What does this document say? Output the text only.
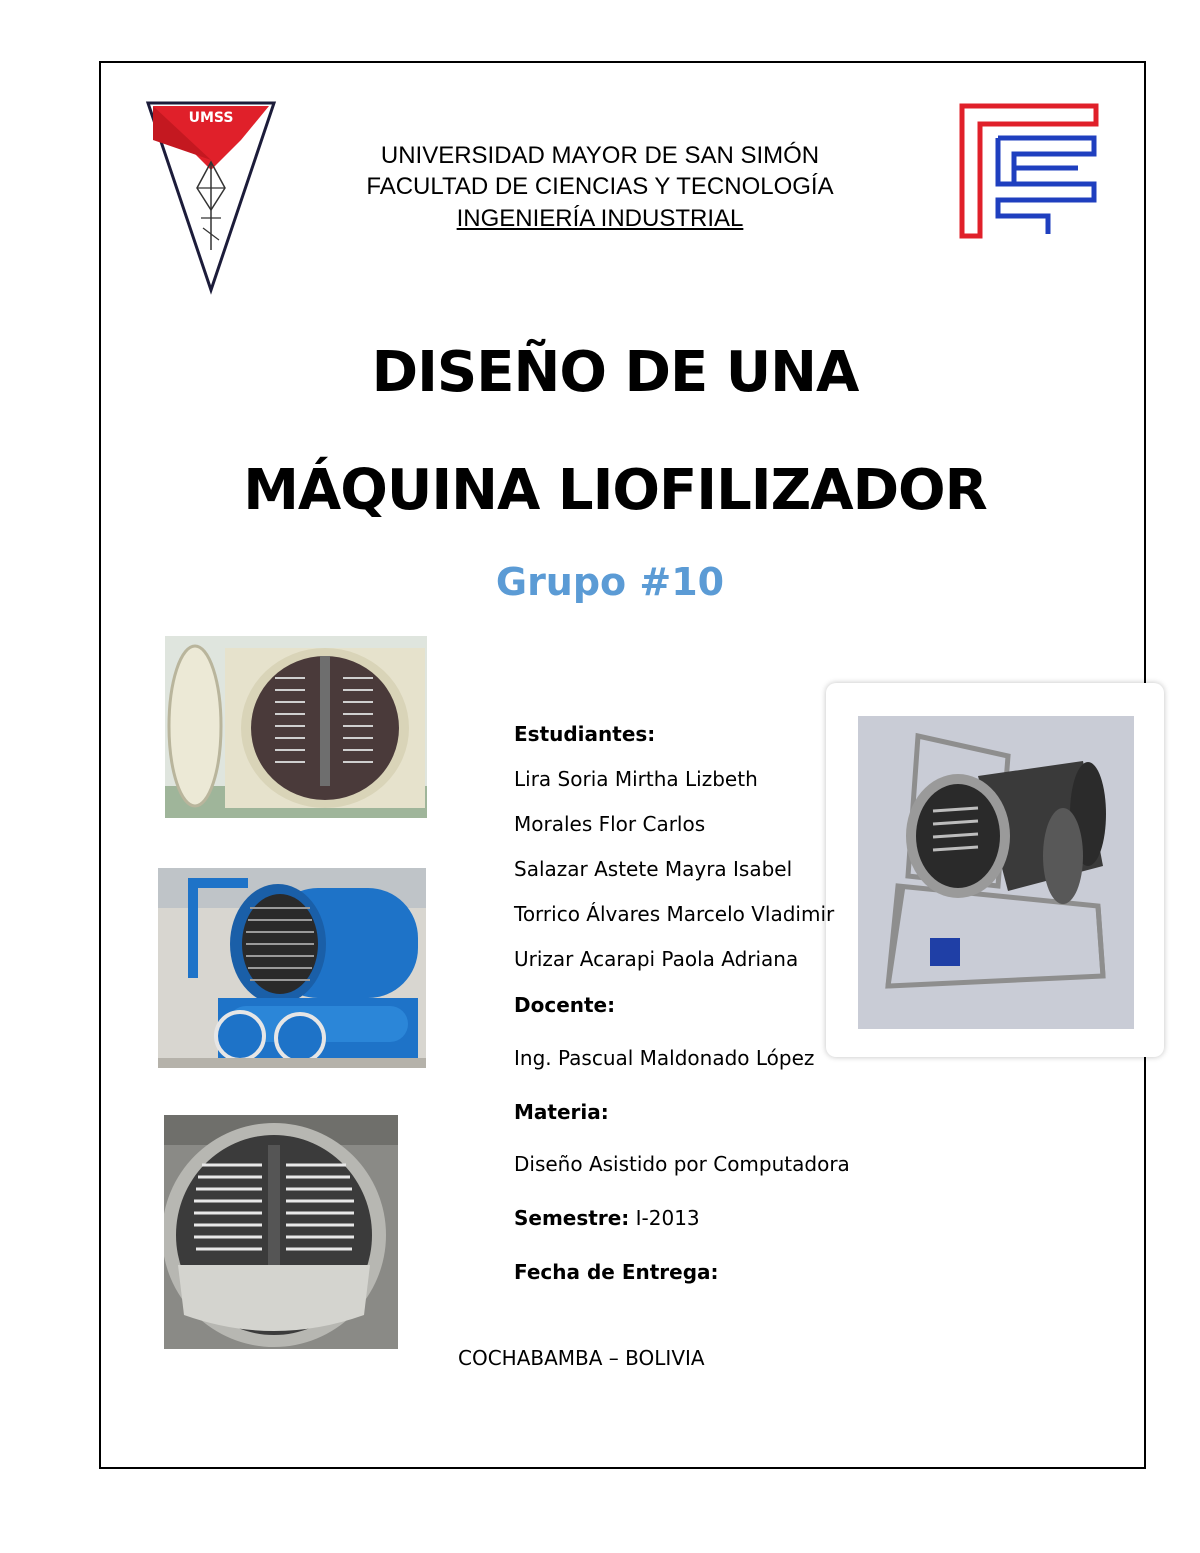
UMSS
UNIVERSIDAD MAYOR DE SAN SIMÓN
FACULTAD DE CIENCIAS Y TECNOLOGÍA
INGENIERÍA INDUSTRIAL
DISEÑO DE UNA
MÁQUINA LIOFILIZADOR
Grupo #10
Estudiantes:
Lira Soria Mirtha Lizbeth
Morales Flor Carlos
Salazar Astete Mayra Isabel
Torrico Álvares Marcelo Vladimir
Urizar Acarapi Paola Adriana
Docente:
Ing. Pascual Maldonado López
Materia:
Diseño Asistido por Computadora
Semestre: I-2013
Fecha de Entrega:
COCHABAMBA – BOLIVIA
